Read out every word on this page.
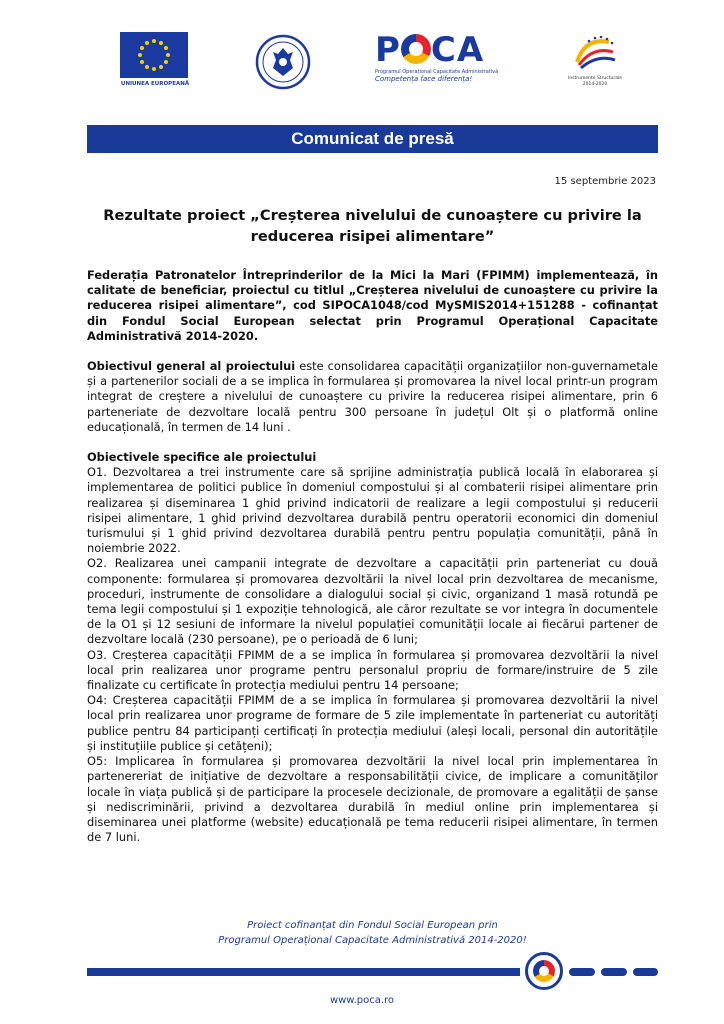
UNIUNEA EUROPEANĂ
P CA
Programul Operațional Capacitate Administrativă
Competența face diferența!	Instrumente Structurale
2014-2020
Comunicat de presă
15 septembrie 2023
Rezultate proiect „Creșterea nivelului de cunoaștere cu privire la reducerea risipei alimentare”

Federația Patronatelor Întreprinderilor de la Mici la Mari (FPIMM) implementează, în calitate de beneficiar, proiectul cu titlul „Creșterea nivelului de cunoaștere cu privire la reducerea risipei alimentare”, cod SIPOCA1048/cod MySMIS2014+151288 - cofinanțat din Fondul Social European selectat prin Programul Operațional Capacitate Administrativă 2014-2020.

Obiectivul general al proiectului este consolidarea capacității organizațiilor non-guvernametale și a partenerilor sociali de a se implica în formularea și promovarea la nivel local printr-un program integrat de creștere a nivelului de cunoaștere cu privire la reducerea risipei alimentare, prin 6 parteneriate de dezvoltare locală pentru 300 persoane în județul Olt și o platformă online educațională, în termen de 14 luni .

Obiectivele specifice ale proiectului

O1. Dezvoltarea a trei instrumente care să sprijine administrația publică locală în elaborarea și implementarea de politici publice în domeniul compostului și al combaterii risipei alimentare prin realizarea și diseminarea 1 ghid privind indicatorii de realizare a legii compostului și reducerii risipei alimentare, 1 ghid privind dezvoltarea durabilă pentru operatorii economici din domeniul turismului și 1 ghid privind dezvoltarea durabilă pentru pentru populația comunității, până în noiembrie 2022.

O2. Realizarea unei campanii integrate de dezvoltare a capacității prin parteneriat cu două componente: formularea și promovarea dezvoltării la nivel local prin dezvoltarea de mecanisme, proceduri, instrumente de consolidare a dialogului social și civic, organizand 1 masă rotundă pe tema legii compostului și 1 expoziție tehnologică, ale căror rezultate se vor integra în documentele de la O1 și 12 sesiuni de informare la nivelul populației comunității locale ai fiecărui partener de dezvoltare locală (230 persoane), pe o perioadă de 6 luni;

O3. Creșterea capacității FPIMM de a se implica în formularea și promovarea dezvoltării la nivel local prin realizarea unor programe pentru personalul propriu de formare/instruire de 5 zile finalizate cu certificate în protecția mediului pentru 14 persoane;

O4: Creșterea capacității FPIMM de a se implica în formularea și promovarea dezvoltării la nivel local prin realizarea unor programe de formare de 5 zile implementate în parteneriat cu autorități publice pentru 84 participanți certificați în protecția mediului (aleși locali, personal din autoritățile și instituțiile publice și cetățeni);

O5: Implicarea în formularea și promovarea dezvoltării la nivel local prin implementarea în partenereriat de inițiative de dezvoltare a responsabilității civice, de implicare a comunităților locale în viața publică și de participare la procesele decizionale, de promovare a egalității de șanse și nediscriminării, privind a dezvoltarea durabilă în mediul online prin implementarea și diseminarea unei platforme (website) educațională pe tema reducerii risipei alimentare, în termen de 7 luni.

Proiect cofinanțat din Fondul Social European prin
Programul Operațional Capacitate Administrativă 2014-2020!
www.poca.ro
